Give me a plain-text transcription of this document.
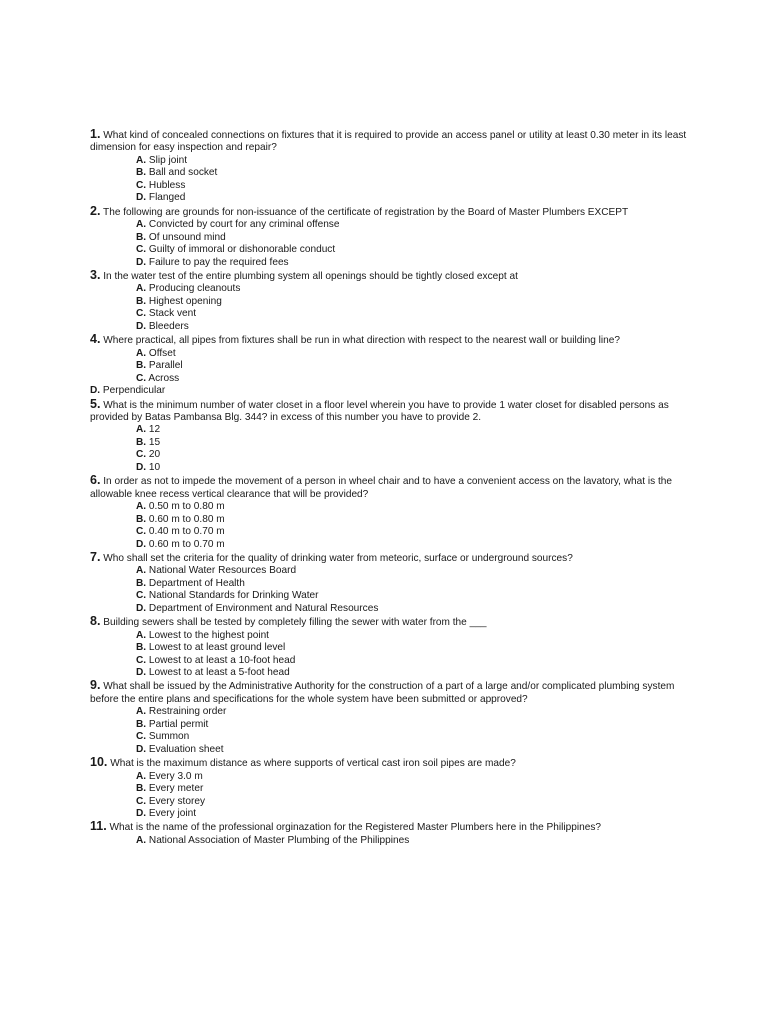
1. What kind of concealed connections on fixtures that it is required to provide an access panel or utility at least 0.30 meter in its least dimension for easy inspection and repair?

A. Slip joint
B. Ball and socket
C. Hubless
D. Flanged

2. The following are grounds for non-issuance of the certificate of registration by the Board of Master Plumbers EXCEPT

A. Convicted by court for any criminal offense
B. Of unsound mind
C. Guilty of immoral or dishonorable conduct
D. Failure to pay the required fees

3. In the water test of the entire plumbing system all openings should be tightly closed except at

A. Producing cleanouts
B. Highest opening
C. Stack vent
D. Bleeders

4. Where practical, all pipes from fixtures shall be run in what direction with respect to the nearest wall or building line?

A. Offset
B. Parallel
C. Across
D. Perpendicular

5. What is the minimum number of water closet in a floor level wherein you have to provide 1 water closet for disabled persons as provided by Batas Pambansa Blg. 344? in excess of this number you have to provide 2.

A. 12
B. 15
C. 20
D. 10

6. In order as not to impede the movement of a person in wheel chair and to have a convenient access on the lavatory, what is the allowable knee recess vertical clearance that will be provided?

A. 0.50 m to 0.80 m
B. 0.60 m to 0.80 m
C. 0.40 m to 0.70 m
D. 0.60 m to 0.70 m

7. Who shall set the criteria for the quality of drinking water from meteoric, surface or underground sources?

A. National Water Resources Board
B. Department of Health
C. National Standards for Drinking Water
D. Department of Environment and Natural Resources

8. Building sewers shall be tested by completely filling the sewer with water from the ___

A. Lowest to the highest point
B. Lowest to at least ground level
C. Lowest to at least a 10-foot head
D. Lowest to at least a 5-foot head

9. What shall be issued by the Administrative Authority for the construction of a part of a large and/or complicated plumbing system before the entire plans and specifications for the whole system have been submitted or approved?

A. Restraining order
B. Partial permit
C. Summon
D. Evaluation sheet

10. What is the maximum distance as where supports of vertical cast iron soil pipes are made?

A. Every 3.0 m
B. Every meter
C. Every storey
D. Every joint

11. What is the name of the professional orginazation for the Registered Master Plumbers here in the Philippines?

A. National Association of Master Plumbing of the Philippines
